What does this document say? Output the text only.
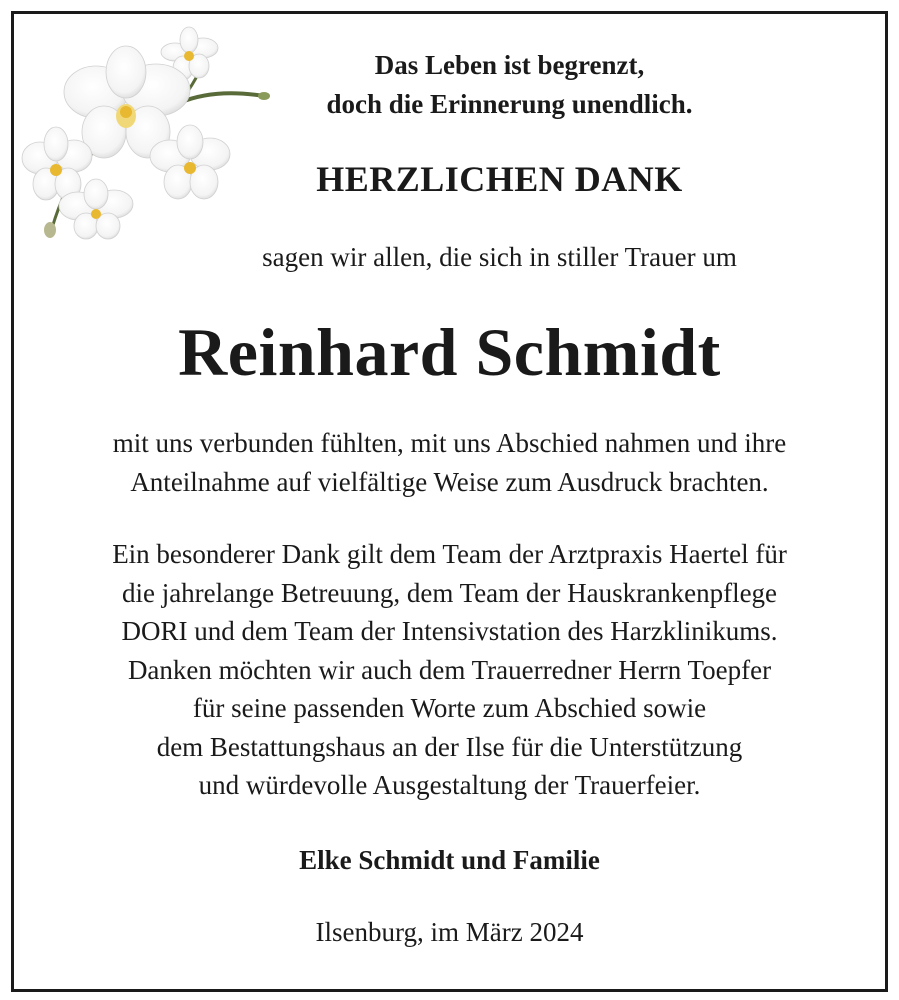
Das Leben ist begrenzt,
doch die Erinnerung unendlich.
HERZLICHEN DANK
sagen wir allen, die sich in stiller Trauer um
Reinhard Schmidt
mit uns verbunden fühlten, mit uns Abschied nahmen und ihre
Anteilnahme auf vielfältige Weise zum Ausdruck brachten.
Ein besonderer Dank gilt dem Team der Arztpraxis Haertel für
die jahrelange Betreuung, dem Team der Hauskrankenpflege
DORI und dem Team der Intensivstation des Harzklinikums.
Danken möchten wir auch dem Trauerredner Herrn Toepfer
für seine passenden Worte zum Abschied sowie
dem Bestattungshaus an der Ilse für die Unterstützung
und würdevolle Ausgestaltung der Trauerfeier.
Elke Schmidt und Familie
Ilsenburg, im März 2024
